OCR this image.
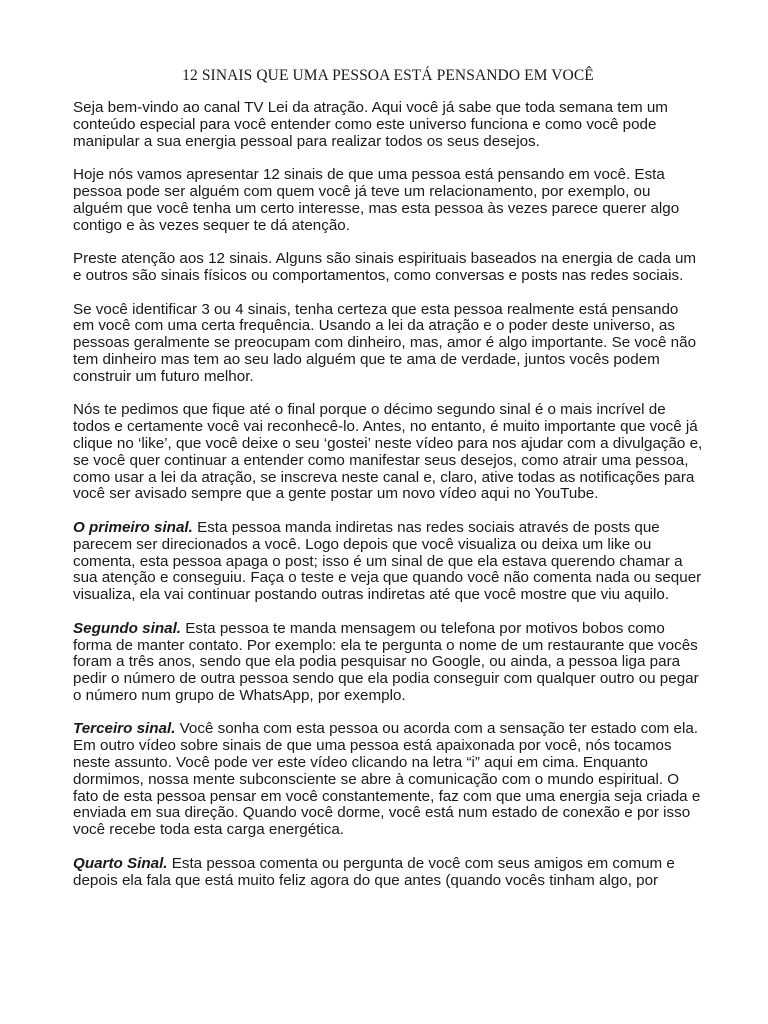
12 SINAIS QUE UMA PESSOA ESTÁ PENSANDO EM VOCÊ

Seja bem-vindo ao canal TV Lei da atração. Aqui você já sabe que toda semana tem um conteúdo especial para você entender como este universo funciona e como você pode manipular a sua energia pessoal para realizar todos os seus desejos.

Hoje nós vamos apresentar 12 sinais de que uma pessoa está pensando em você. Esta pessoa pode ser alguém com quem você já teve um relacionamento, por exemplo, ou alguém que você tenha um certo interesse, mas esta pessoa às vezes parece querer algo contigo e às vezes sequer te dá atenção.

Preste atenção aos 12 sinais. Alguns são sinais espirituais baseados na energia de cada um e outros são sinais físicos ou comportamentos, como conversas e posts nas redes sociais.

Se você identificar 3 ou 4 sinais, tenha certeza que esta pessoa realmente está pensando em você com uma certa frequência. Usando a lei da atração e o poder deste universo, as pessoas geralmente se preocupam com dinheiro, mas, amor é algo importante. Se você não tem dinheiro mas tem ao seu lado alguém que te ama de verdade, juntos vocês podem construir um futuro melhor.

Nós te pedimos que fique até o final porque o décimo segundo sinal é o mais incrível de todos e certamente você vai reconhecê-lo. Antes, no entanto, é muito importante que você já clique no ‘like’, que você deixe o seu ‘gostei’ neste vídeo para nos ajudar com a divulgação e, se você quer continuar a entender como manifestar seus desejos, como atrair uma pessoa, como usar a lei da atração, se inscreva neste canal e, claro, ative todas as notificações para você ser avisado sempre que a gente postar um novo vídeo aqui no YouTube.

O primeiro sinal. Esta pessoa manda indiretas nas redes sociais através de posts que parecem ser direcionados a você. Logo depois que você visualiza ou deixa um like ou comenta, esta pessoa apaga o post; isso é um sinal de que ela estava querendo chamar a sua atenção e conseguiu. Faça o teste e veja que quando você não comenta nada ou sequer visualiza, ela vai continuar postando outras indiretas até que você mostre que viu aquilo.

Segundo sinal. Esta pessoa te manda mensagem ou telefona por motivos bobos como forma de manter contato. Por exemplo: ela te pergunta o nome de um restaurante que vocês foram a três anos, sendo que ela podia pesquisar no Google, ou ainda, a pessoa liga para pedir o número de outra pessoa sendo que ela podia conseguir com qualquer outro ou pegar o número num grupo de WhatsApp, por exemplo.

Terceiro sinal. Você sonha com esta pessoa ou acorda com a sensação ter estado com ela. Em outro vídeo sobre sinais de que uma pessoa está apaixonada por você, nós tocamos neste assunto. Você pode ver este vídeo clicando na letra “i” aqui em cima. Enquanto dormimos, nossa mente subconsciente se abre à comunicação com o mundo espiritual. O fato de esta pessoa pensar em você constantemente, faz com que uma energia seja criada e enviada em sua direção. Quando você dorme, você está num estado de conexão e por isso você recebe toda esta carga energética.

Quarto Sinal. Esta pessoa comenta ou pergunta de você com seus amigos em comum e depois ela fala que está muito feliz agora do que antes (quando vocês tinham algo, por
